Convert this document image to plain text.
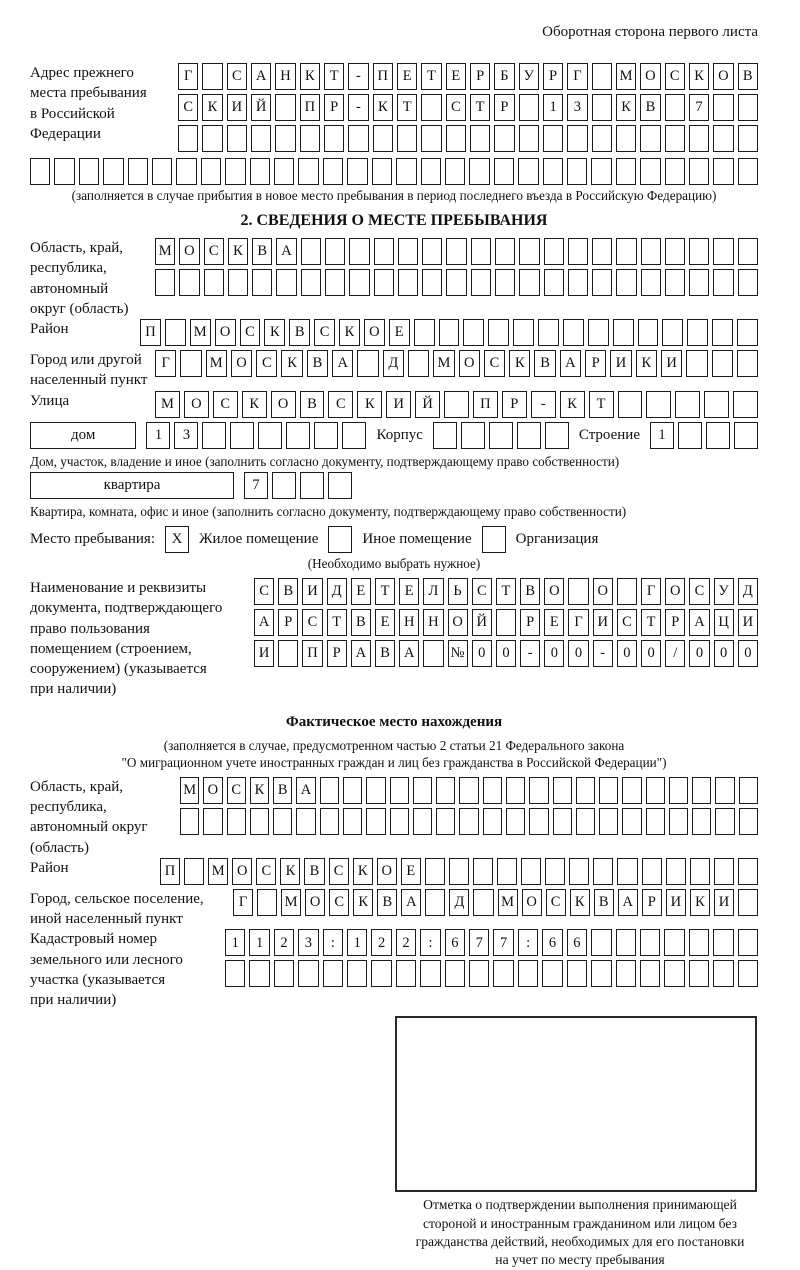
Оборотная сторона первого листа
Адрес прежнего
места пребывания
в Российской
Федерации
Г	С А Н К	Т	-	П	Е	Т	Е	Р	Б	У	Р	Г	М О С	К О В
С	К И Й	П	Р	-	К	Т	С	Т	Р	1	3	К	В	7
(заполняется в случае прибытия в новое место пребывания в период последнего въезда в Российскую Федерацию)
2. СВЕДЕНИЯ О МЕСТЕ ПРЕБЫВАНИЯ
Область, край,
республика,
автономный
округ (область)
М О С	К	В А
Район	П	М О	С	К	В	С	К	О	Е
Город или другой
населенный пункт
Г	М О	С	К	В	А	Д	М О	С	К	В	А	Р	И	К	И
Улица	М	О	С	К	О	В	С	К	И	Й	П	Р	-	К	Т
дом	1	3	Корпус	Строение	1
Дом, участок, владение и иное (заполнить согласно документу, подтверждающему право собственности)
квартира	7
Квартира, комната, офис и иное (заполнить согласно документу, подтверждающему право собственности)
Место пребывания:	X	Жилое помещение	Иное помещение	Организация
(Необходимо выбрать нужное)
Наименование и реквизиты
документа, подтверждающего
право пользования
помещением (строением,
сооружением) (указывается
при наличии)
С	В И Д	Е	Т	Е	Л	Ь	С	Т	В О	О	Г	О С У Д
А	Р	С	Т	В	Е	Н Н О Й	Р	Е	Г	И С	Т	Р	А Ц И
И	П	Р	А В А	№ 0	0	-	0	0	-	0	0	/	0	0	0
Фактическое место нахождения
(заполняется в случае, предусмотренном частью 2 статьи 21 Федерального закона
"О миграционном учете иностранных граждан и лиц без гражданства в Российской Федерации")
Область, край,
республика,
автономный округ
(область)
М О С К В А
Район	П	М О С К В С К О Е
Город, сельское поселение,
иной населенный пункт
Г	М О С К В А	Д	М О С К В А	Р	И К И
Кадастровый номер
земельного или лесного
участка (указывается
при наличии)
1	1	2	3	:	1	2	2	:	6	7	7	:	6	6
Отметка о подтверждении выполнения принимающей
стороной и иностранным гражданином или лицом без
гражданства действий, необходимых для его постановки
на учет по месту пребывания
